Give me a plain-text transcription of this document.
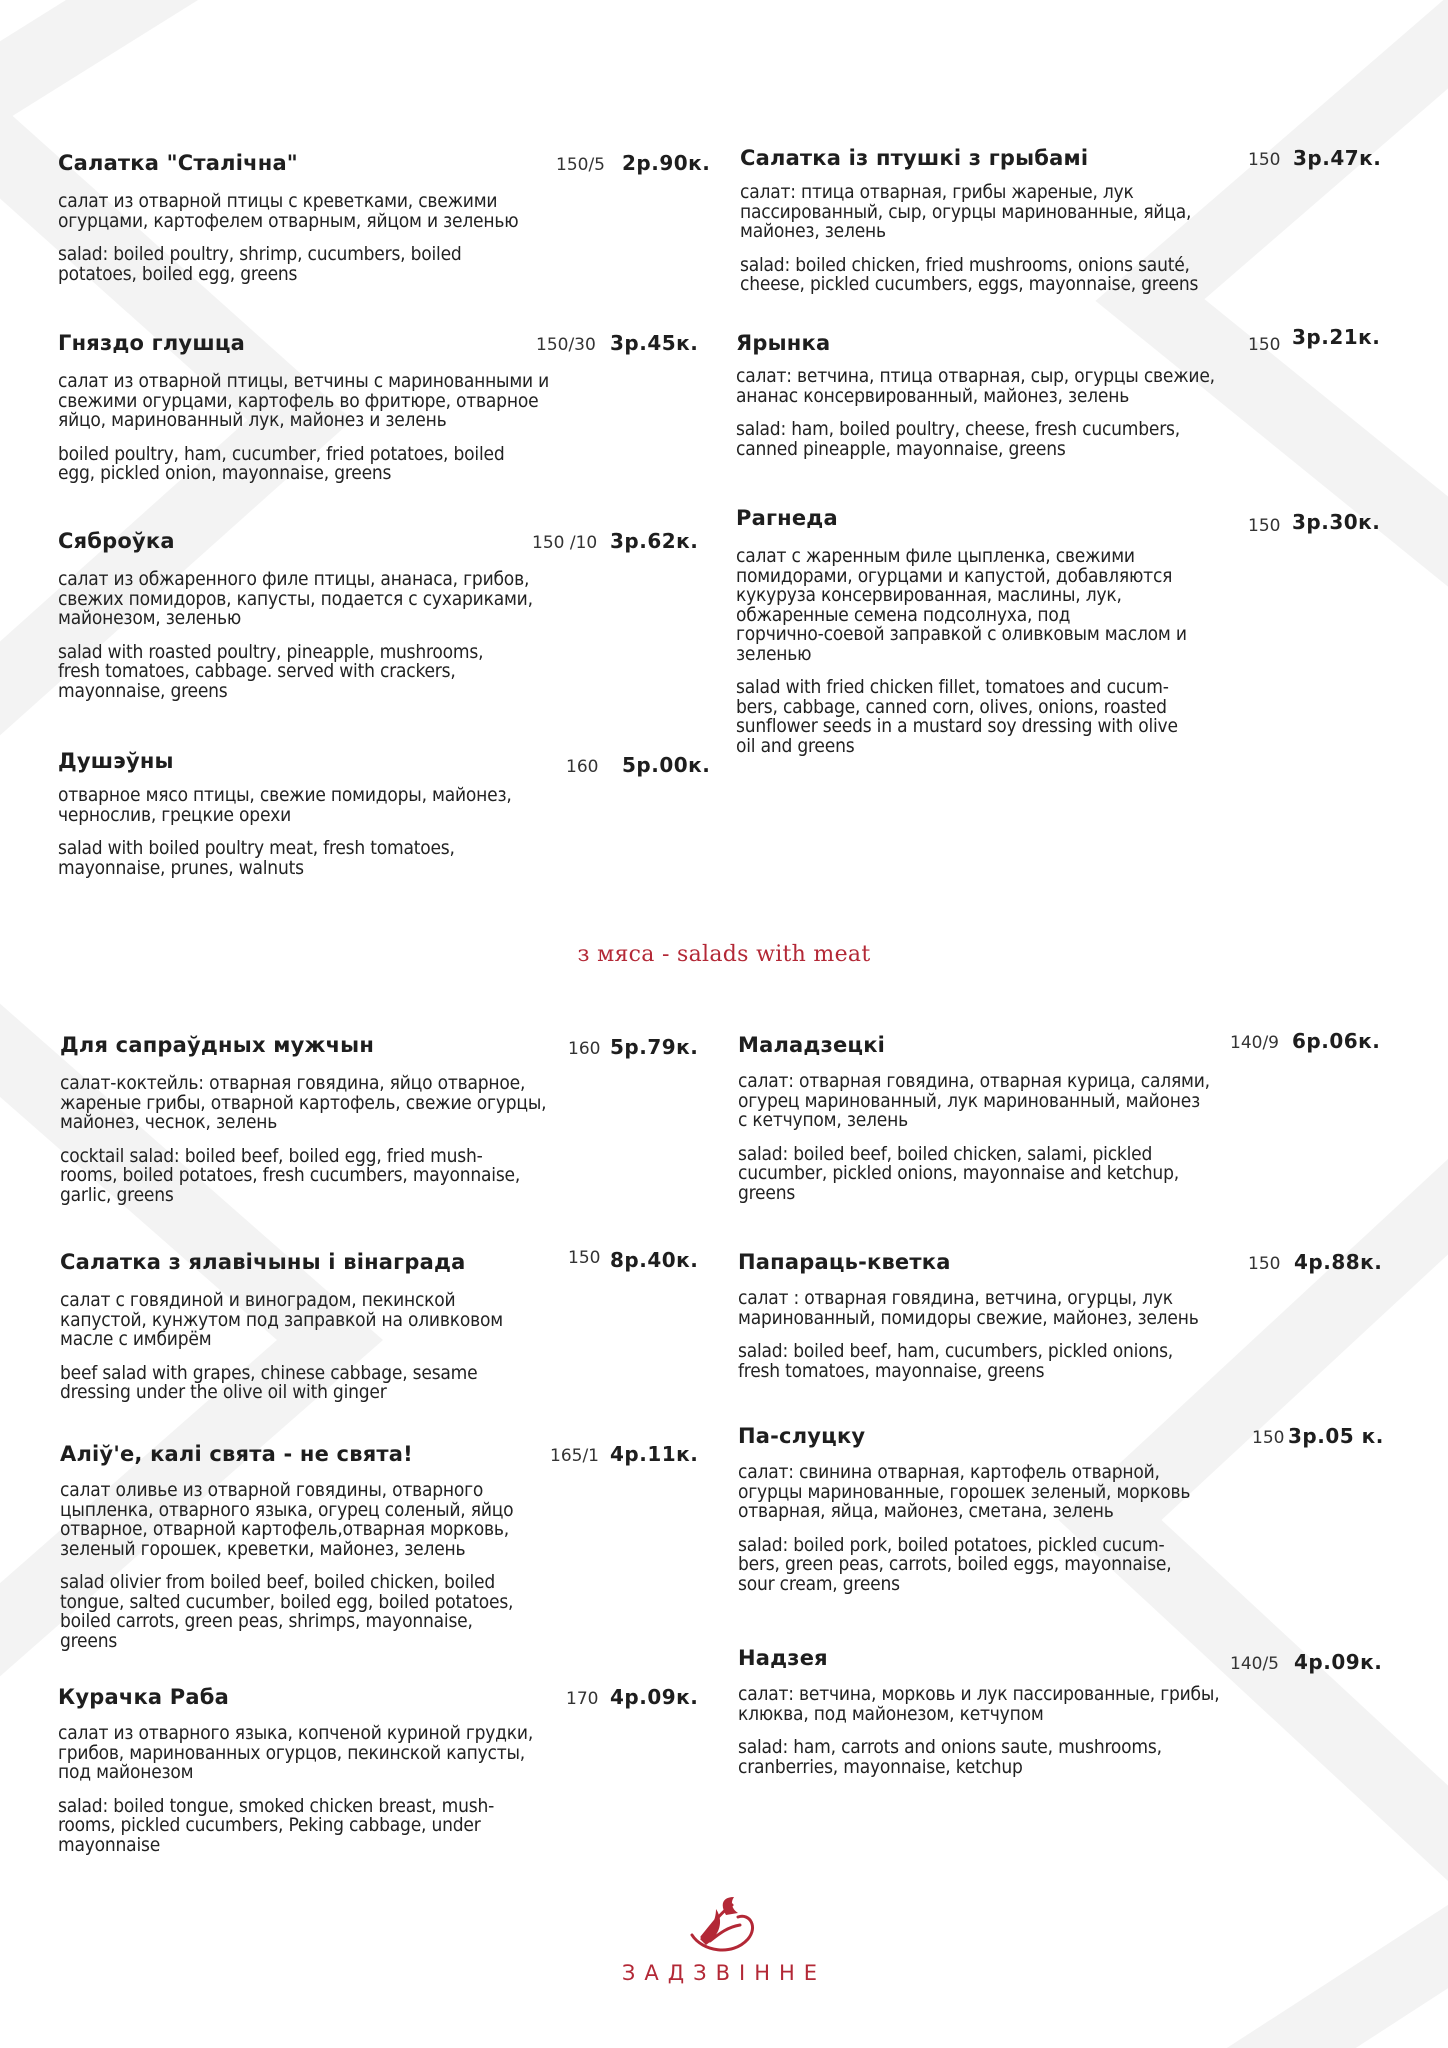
Салатка "Сталічна"	150/5 2р.90к.
салат из отварной птицы с креветками, свежими
огурцами, картофелем отварным, яйцом и зеленью
salad: boiled poultry, shrimp, cucumbers, boiled
potatoes, boiled egg, greens
Гняздо глушца	150/30 3р.45к.
салат из отварной птицы, ветчины с маринованными и
свежими огурцами, картофель во фритюре, отварное
яйцо, маринованный лук, майонез и зелень
boiled poultry, ham, cucumber, fried potatoes, boiled
egg, pickled onion, mayonnaise, greens
Сяброўка	150 /10 3р.62к.
салат из обжаренного филе птицы, ананаса, грибов,
свежих помидоров, капусты, подается с сухариками,
майонезом, зеленью
salad with roasted poultry, pineapple, mushrooms,
fresh tomatoes, cabbage. served with crackers,
mayonnaise, greens
Душэўны	160 5р.00к.
отварное мясо птицы, свежие помидоры, майонез,
чернослив, грецкие орехи
salad with boiled poultry meat, fresh tomatoes,
mayonnaise, prunes, walnuts
Салатка із птушкі з грыбамі	150 3р.47к.
салат: птица отварная, грибы жареные, лук
пассированный, сыр, огурцы маринованные, яйца,
майонез, зелень
salad: boiled chicken, fried mushrooms, onions sauté,
cheese, pickled cucumbers, eggs, mayonnaise, greens
Ярынка	150 3р.21к.
салат: ветчина, птица отварная, сыр, огурцы свежие,
ананас консервированный, майонез, зелень
salad: ham, boiled poultry, cheese, fresh cucumbers,
canned pineapple, mayonnaise, greens
Рагнеда	150 3р.30к.
салат с жаренным филе цыпленка, свежими
помидорами, огурцами и капустой, добавляются
кукуруза консервированная, маслины, лук,
обжаренные семена подсолнуха, под
горчично-соевой заправкой с оливковым маслом и
зеленью
salad with fried chicken fillet, tomatoes and cucum-
bers, cabbage, canned corn, olives, onions, roasted
sunflower seeds in a mustard soy dressing with olive
oil and greens
з мяса - salads with meat
Для сапраўдных мужчын	160 5р.79к.
салат-коктейль: отварная говядина, яйцо отварное,
жареные грибы, отварной картофель, свежие огурцы,
майонез, чеснок, зелень
cocktail salad: boiled beef, boiled egg, fried mush-
rooms, boiled potatoes, fresh cucumbers, mayonnaise,
garlic, greens
Салатка з ялавічыны і вінаграда	150 8р.40к.
салат с говядиной и виноградом, пекинской
капустой, кунжутом под заправкой на оливковом
масле с имбирём
beef salad with grapes, chinese cabbage, sesame
dressing under the olive oil with ginger
Аліў'е, калі свята - не свята!	165/1 4р.11к.
салат оливье из отварной говядины, отварного
цыпленка, отварного языка, огурец соленый, яйцо
отварное, отварной картофель,отварная морковь,
зеленый горошек, креветки, майонез, зелень
salad olivier from boiled beef, boiled chicken, boiled
tongue, salted cucumber, boiled egg, boiled potatoes,
boiled carrots, green peas, shrimps, mayonnaise,
greens
Курачка Раба	170 4р.09к.
салат из отварного языка, копченой куриной грудки,
грибов, маринованных огурцов, пекинской капусты,
под майонезом
salad: boiled tongue, smoked chicken breast, mush-
rooms, pickled cucumbers, Peking cabbage, under
mayonnaise
Маладзецкі	140/9 6р.06к.
салат: отварная говядина, отварная курица, салями,
огурец маринованный, лук маринованный, майонез
с кетчупом, зелень
salad: boiled beef, boiled chicken, salami, pickled
cucumber, pickled onions, mayonnaise and ketchup,
greens
Папараць-кветка	150 4р.88к.
салат : отварная говядина, ветчина, огурцы, лук
маринованный, помидоры свежие, майонез, зелень
salad: boiled beef, ham, cucumbers, pickled onions,
fresh tomatoes, mayonnaise, greens
Па-слуцку	150 3р.05 к.
салат: свинина отварная, картофель отварной,
огурцы маринованные, горошек зеленый, морковь
отварная, яйца, майонез, сметана, зелень
salad: boiled pork, boiled potatoes, pickled cucum-
bers, green peas, carrots, boiled eggs, mayonnaise,
sour cream, greens
Надзея	140/5 4р.09к.
салат: ветчина, морковь и лук пассированные, грибы,
клюква, под майонезом, кетчупом
salad: ham, carrots and onions saute, mushrooms,
cranberries, mayonnaise, ketchup
ЗАДЗВІННЕ
